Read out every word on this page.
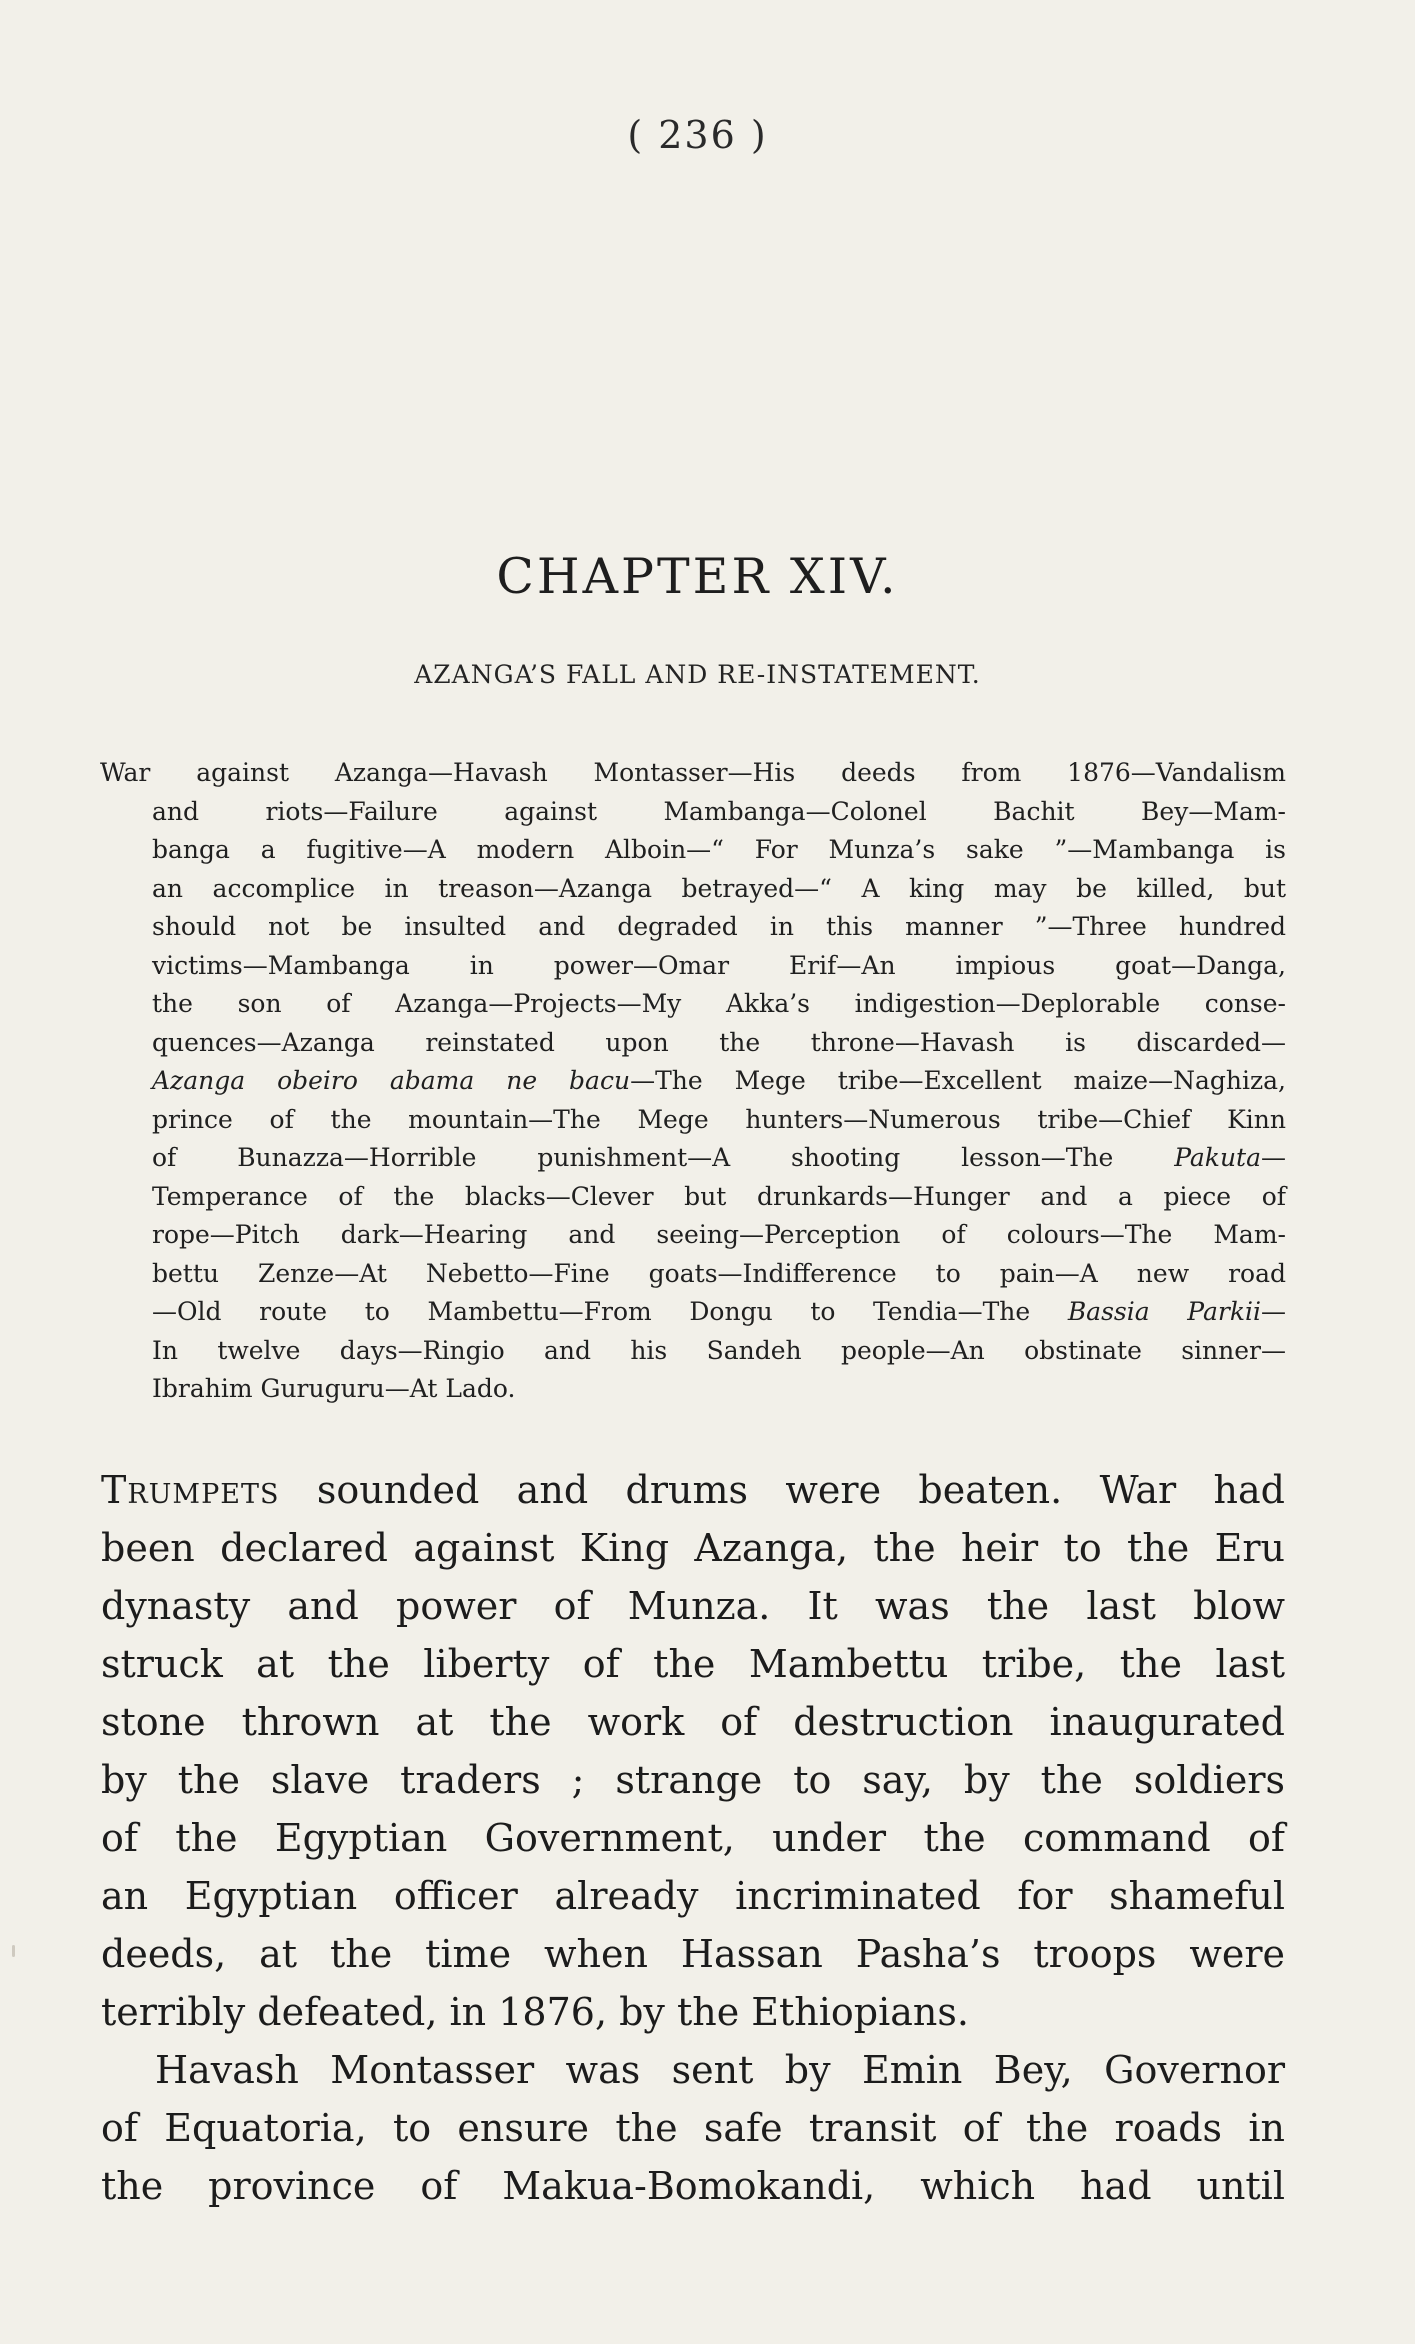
( 236 )
CHAPTER XIV.
AZANGA’S FALL AND RE-INSTATEMENT.
War against Azanga—Havash Montasser—His deeds from 1876—Vandalism
and riots—Failure against Mambanga—Colonel Bachit Bey—Mam-
banga a fugitive—A modern Alboin—“ For Munza’s sake ”—Mambanga is
an accomplice in treason—Azanga betrayed—“ A king may be killed, but
should not be insulted and degraded in this manner ”—Three hundred
victims—Mambanga in power—Omar Erif—An impious goat—Danga,
the son of Azanga—Projects—My Akka’s indigestion—Deplorable conse-
quences—Azanga reinstated upon the throne—Havash is discarded—
Azanga obeiro abama ne bacu—The Mege tribe—Excellent maize—Naghiza,
prince of the mountain—The Mege hunters—Numerous tribe—Chief Kinn
of Bunazza—Horrible punishment—A shooting lesson—The Pakuta—
Temperance of the blacks—Clever but drunkards—Hunger and a piece of
rope—Pitch dark—Hearing and seeing—Perception of colours—The Mam-
bettu Zenze—At Nebetto—Fine goats—Indifference to pain—A new road
—Old route to Mambettu—From Dongu to Tendia—The Bassia Parkii—
In twelve days—Ringio and his Sandeh people—An obstinate sinner—
Ibrahim Guruguru—At Lado.
Trumpets sounded and drums were beaten. War had
been declared against King Azanga, the heir to the Eru
dynasty and power of Munza. It was the last blow
struck at the liberty of the Mambettu tribe, the last
stone thrown at the work of destruction inaugurated
by the slave traders ; strange to say, by the soldiers
of the Egyptian Government, under the command of
an Egyptian officer already incriminated for shameful
deeds, at the time when Hassan Pasha’s troops were
terribly defeated, in 1876, by the Ethiopians.
Havash Montasser was sent by Emin Bey, Governor
of Equatoria, to ensure the safe transit of the roads in
the province of Makua-Bomokandi, which had until
